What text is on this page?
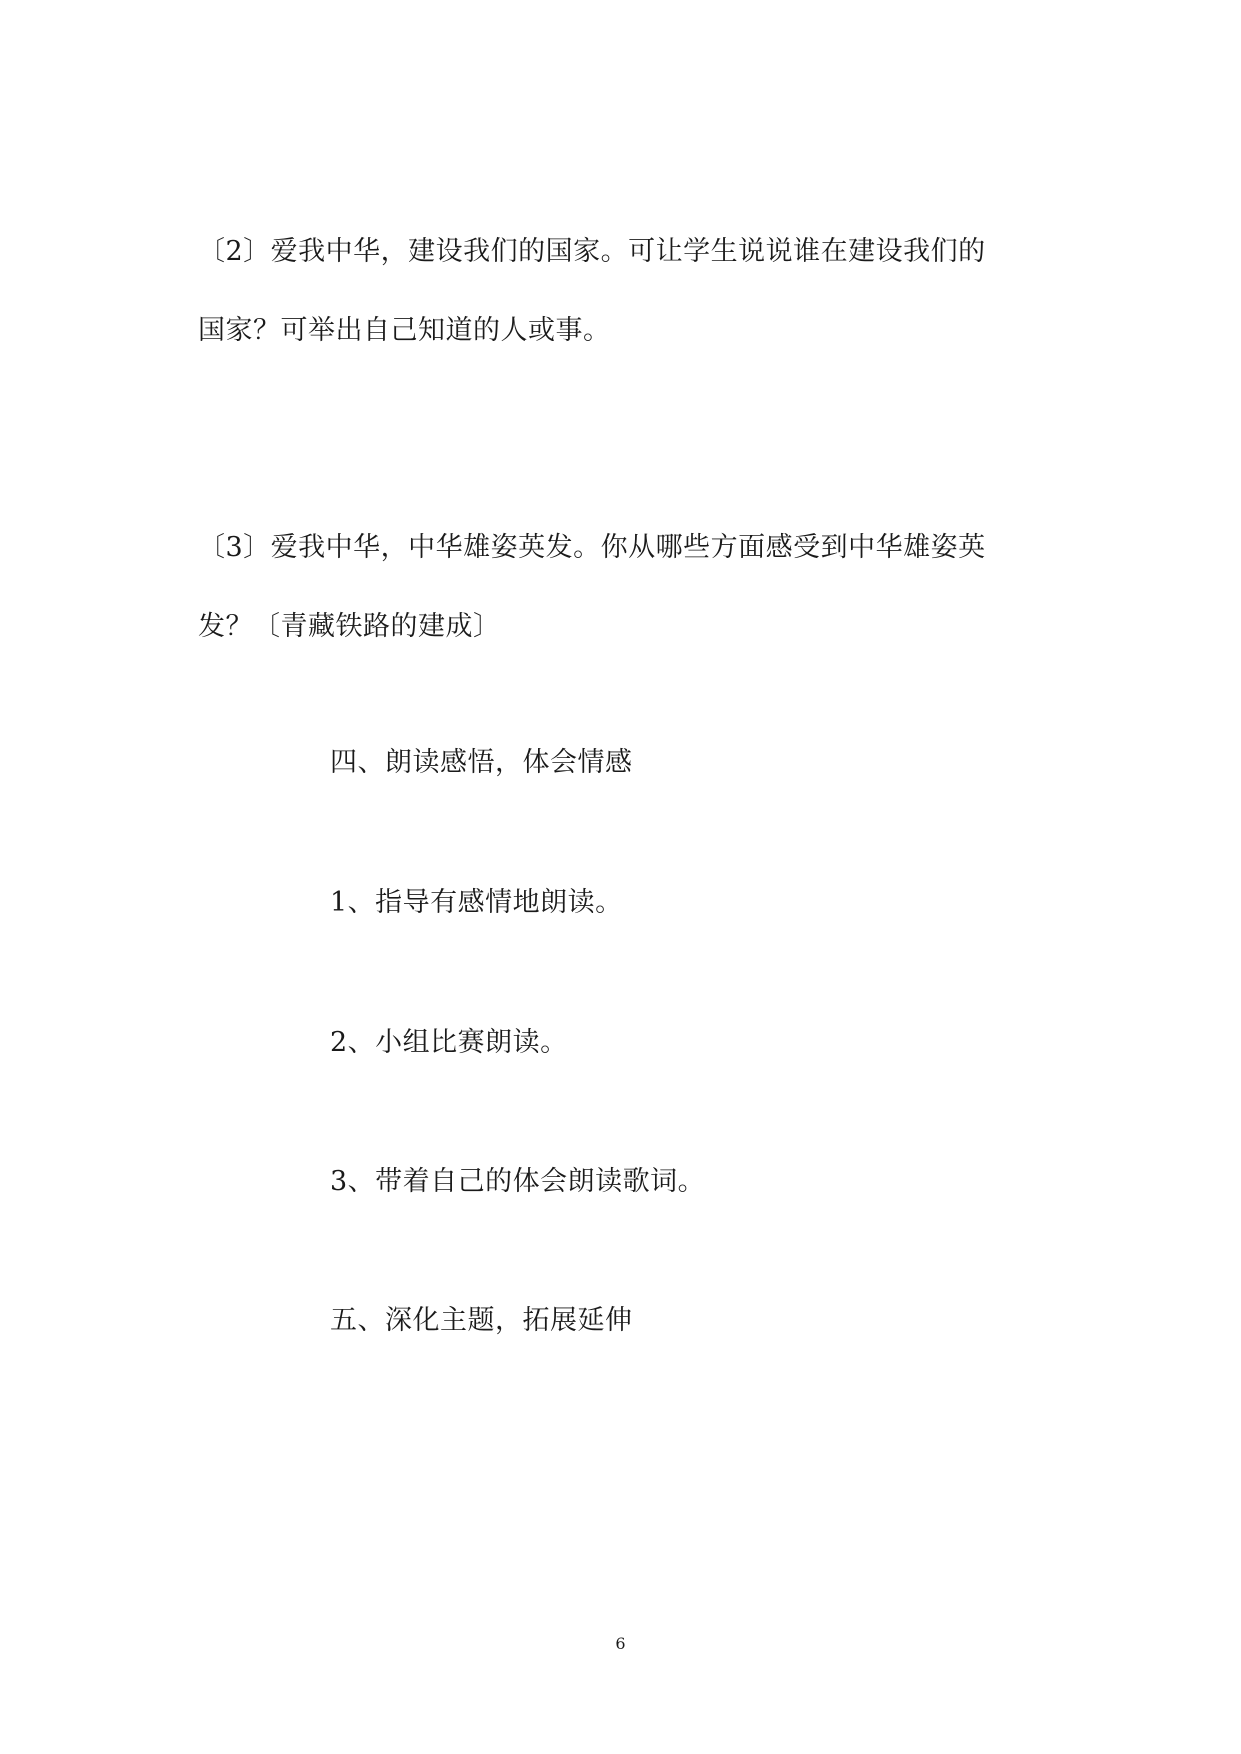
〔2〕爱我中华，建设我们的国家。可让学生说说谁在建设我们的
国家？可举出自己知道的人或事。
〔3〕爱我中华，中华雄姿英发。你从哪些方面感受到中华雄姿英
发？〔青藏铁路的建成〕
四、朗读感悟，体会情感
1、指导有感情地朗读。
2、小组比赛朗读。
3、带着自己的体会朗读歌词。
五、深化主题，拓展延伸
6
